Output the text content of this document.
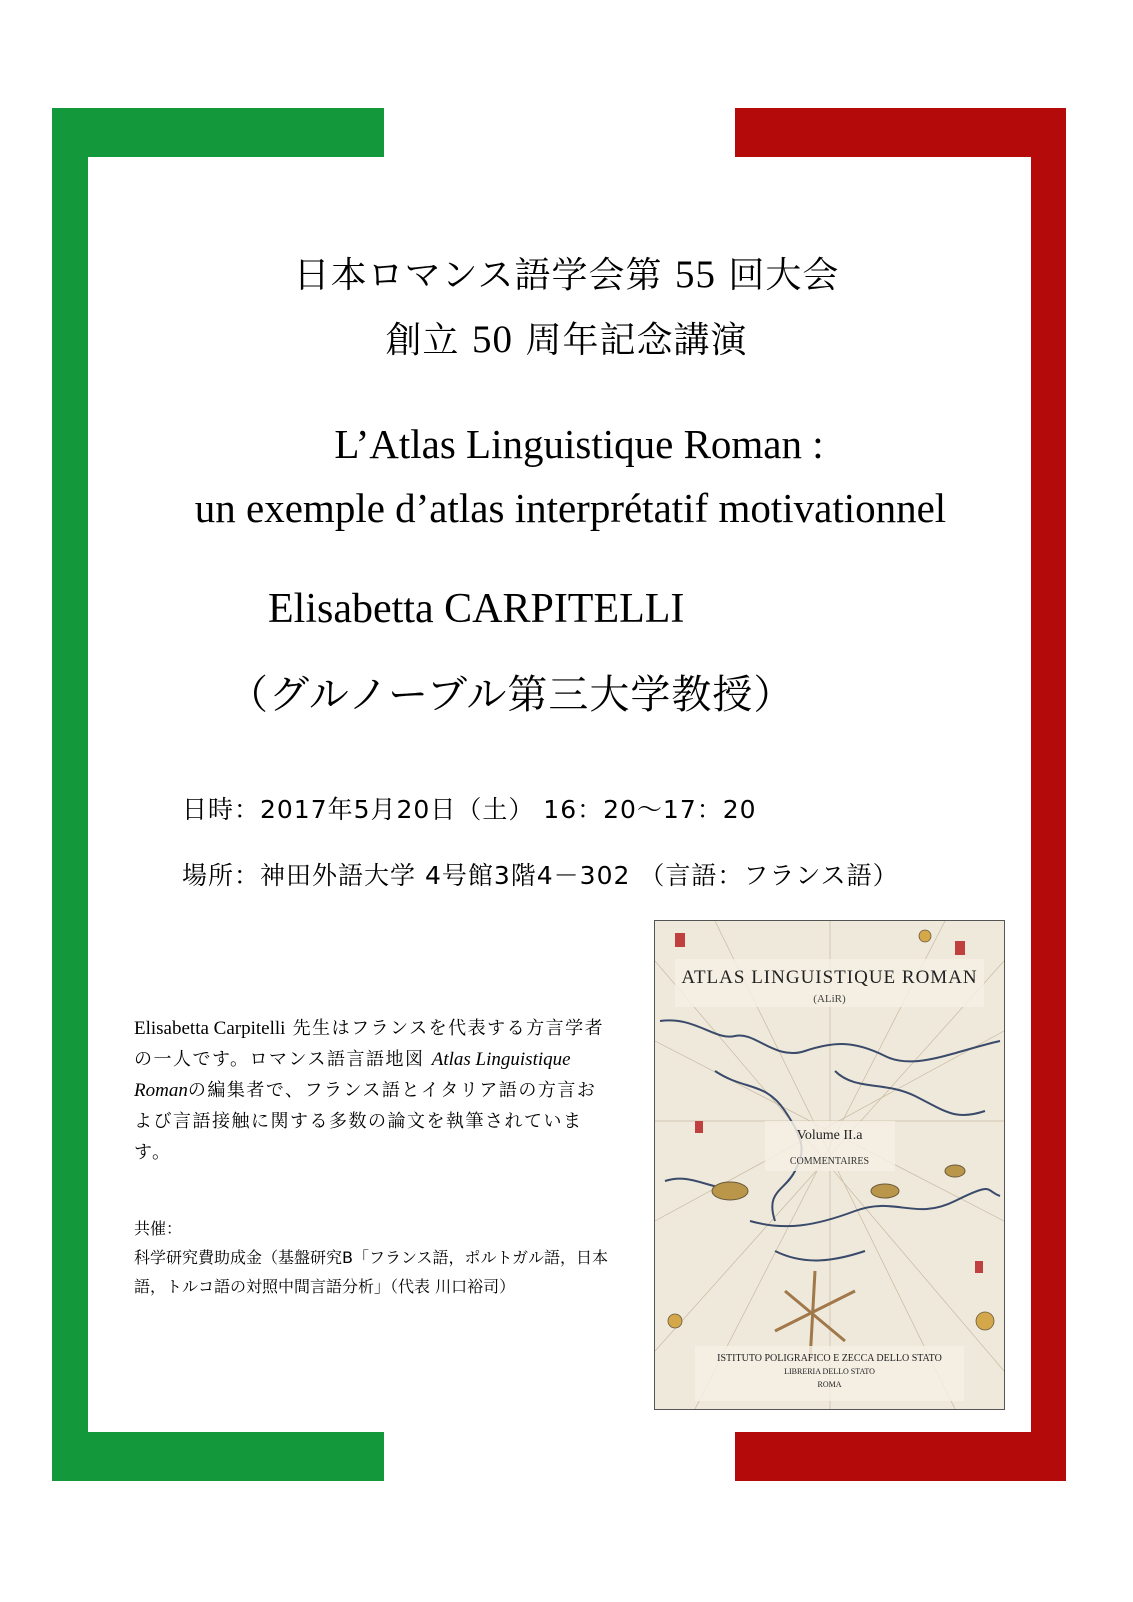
日本ロマンス語学会第 55 回大会
創立 50 周年記念講演
L’Atlas Linguistique Roman :
un exemple d’atlas interprétatif motivationnel
Elisabetta CARPITELLI
（グルノーブル第三大学教授）
日時：2017年5月20日（土） 16：20〜17：20
場所：神田外語大学 4号館3階4－302 （言語：フランス語）
Elisabetta Carpitelli 先生はフランスを代表する方言学者の一人です。ロマンス語言語地図 Atlas Linguistique Romanの編集者で、フランス語とイタリア語の方言および言語接触に関する多数の論文を執筆されています。
共催：
科学研究費助成金（基盤研究B「フランス語，ポルトガル語，日本語，トルコ語の対照中間言語分析」（代表 川口裕司）
ATLAS LINGUISTIQUE ROMAN
(ALiR)
Volume II.a
COMMENTAIRES
ISTITUTO POLIGRAFICO E ZECCA DELLO STATO
LIBRERIA DELLO STATO
ROMA
